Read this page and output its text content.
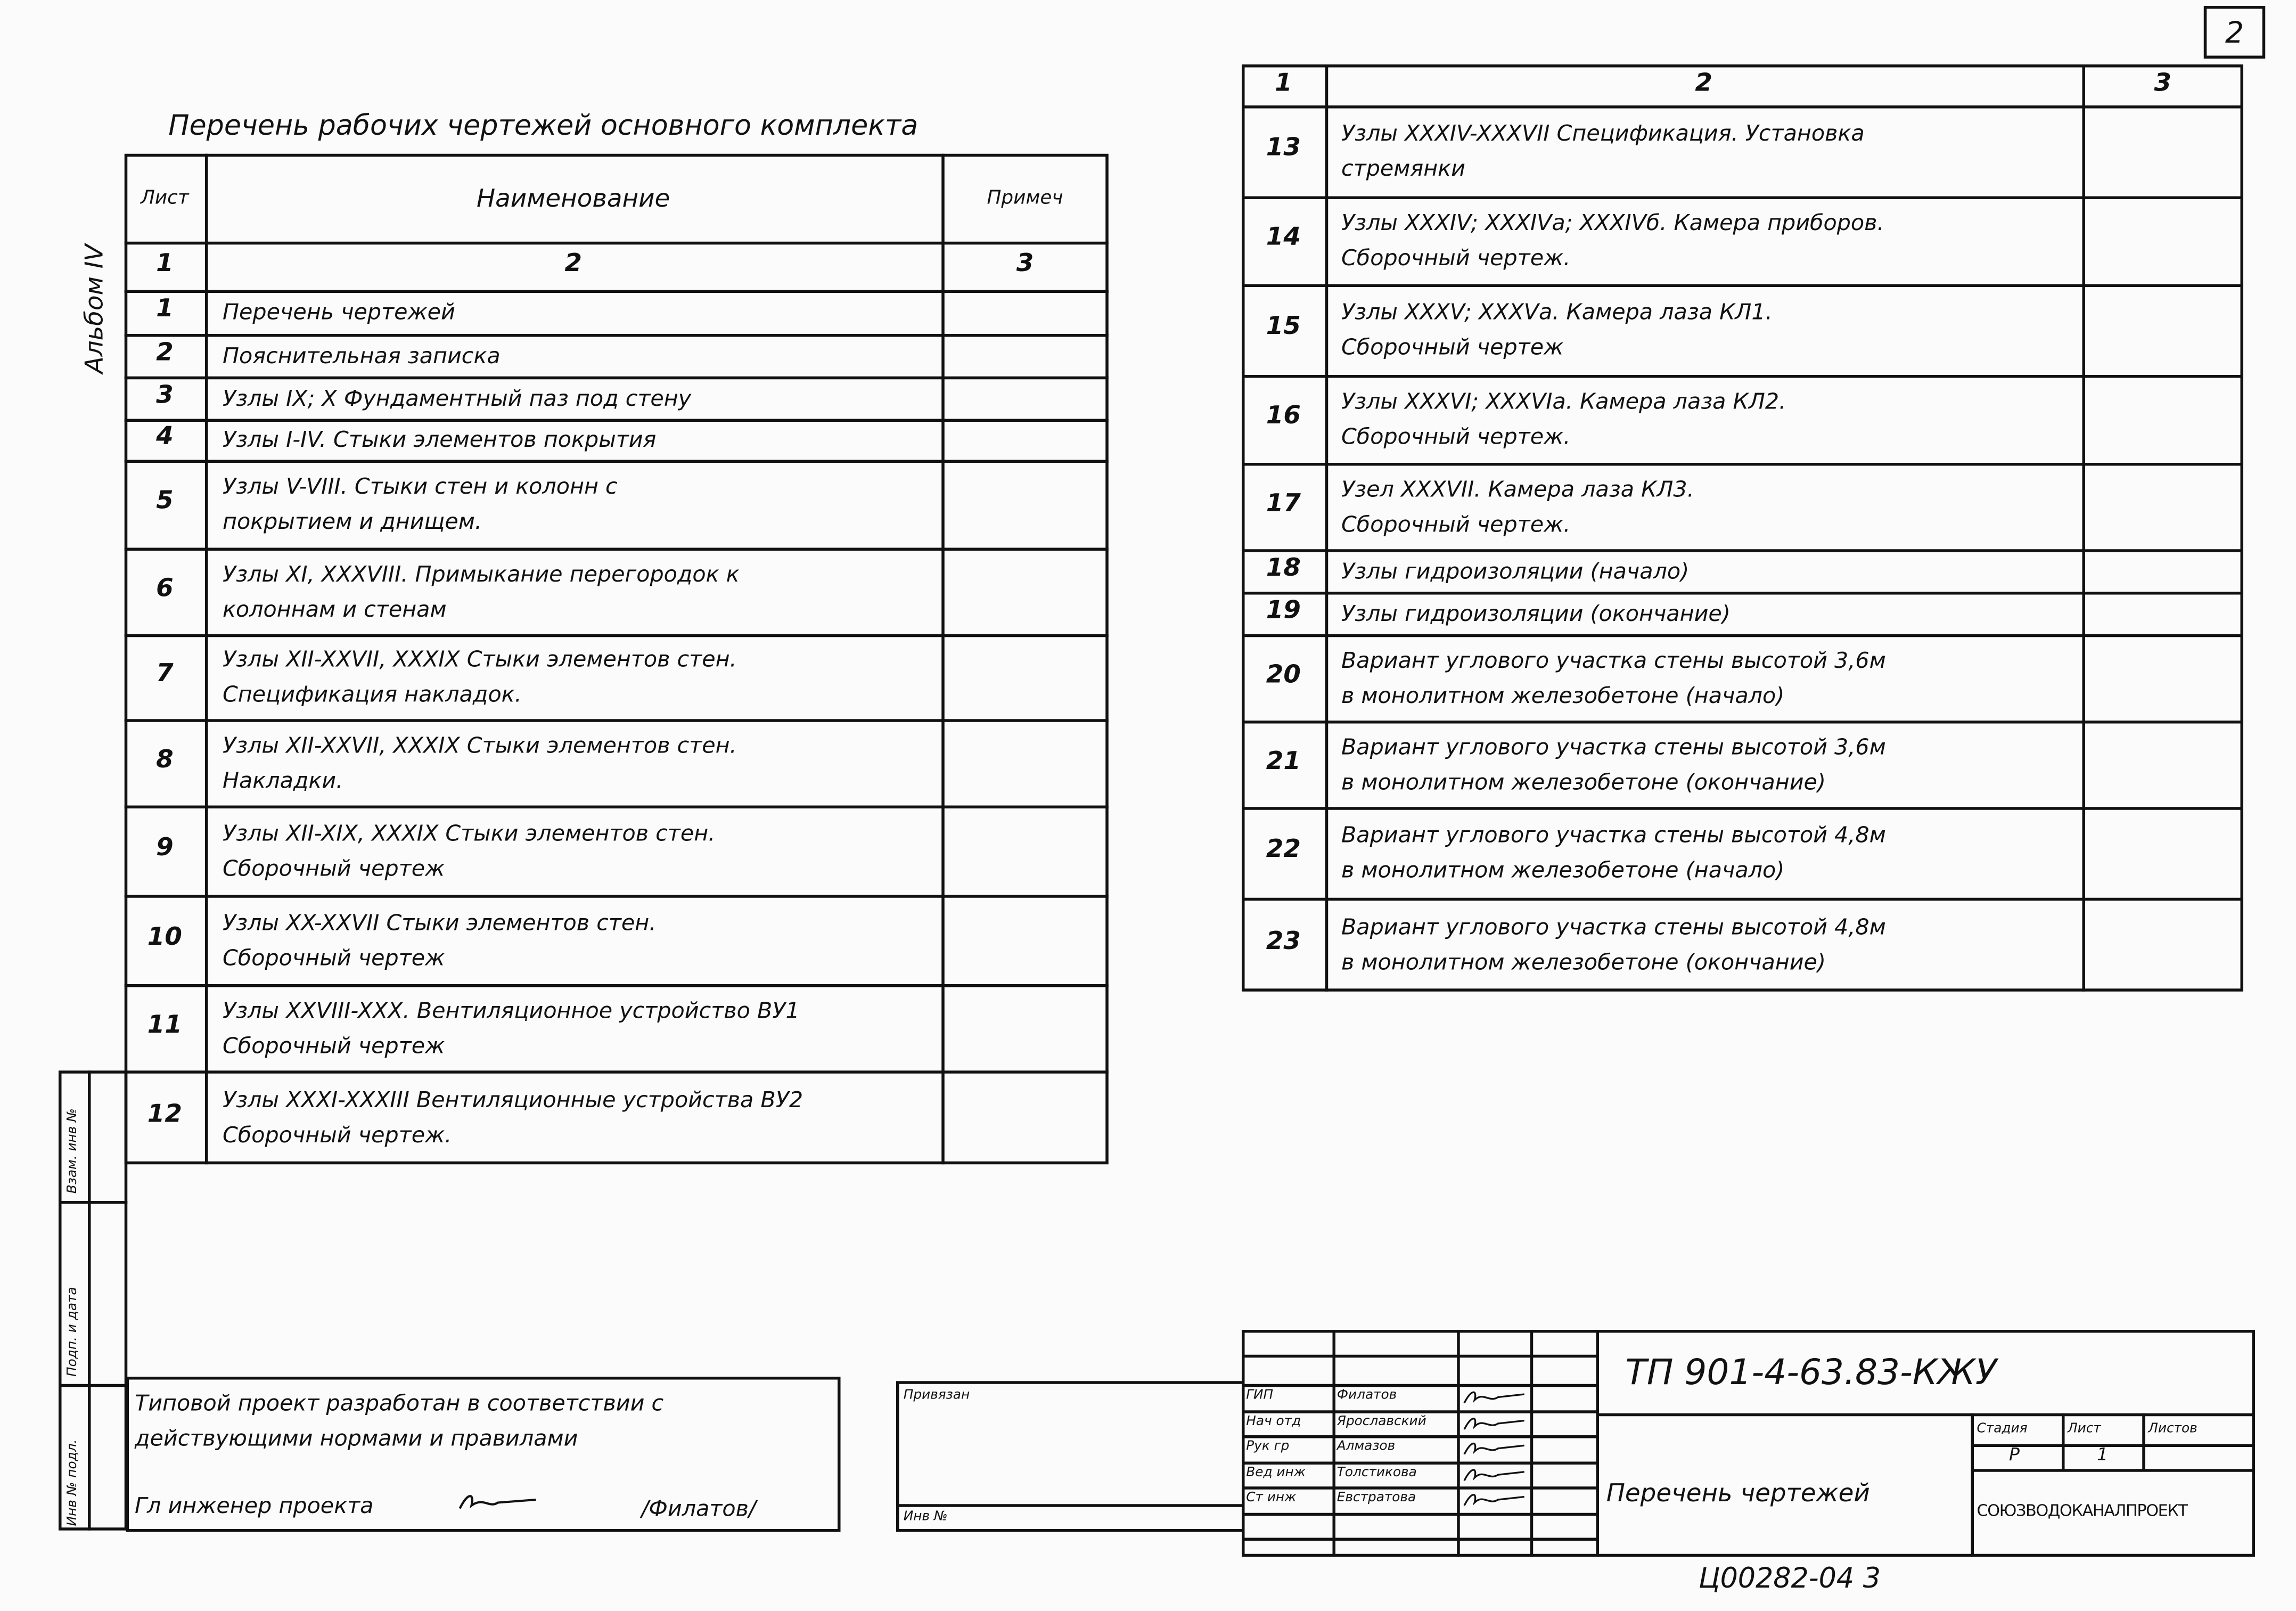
2
Альбом IV
Перечень рабочих чертежей основного комплекта
Инв № подл.
Подп. и дата
Взам. инв №
Типовой проект разработан в соответствии с
действующими нормами и правилами
Гл инженер проекта	/Филатов/
Привязан
Инв №
ТП 901-4-63.83-КЖУ
Перечень чертежей
Стадия	Лист	Листов
Р	1
СОЮЗВОДОКАНАЛПРОЕКТ
Ц00282-04 3
Лист	Наименование	Примеч
1	2	3
1	Перечень чертежей
2	Пояснительная записка
3	Узлы IX; X Фундаментный паз под стену
4	Узлы I-IV. Стыки элементов покрытия
5	Узлы V-VIII. Стыки стен и колонн с
покрытием и днищем.
6	Узлы XI, XXXVIII. Примыкание перегородок к
колоннам и стенам
7	Узлы XII-XXVII, XXXIX Стыки элементов стен.
Спецификация накладок.
8	Узлы XII-XXVII, XXXIX Стыки элементов стен.
Накладки.
9	Узлы XII-XIX, XXXIX Стыки элементов стен.
Сборочный чертеж
10	Узлы XX-XXVII Стыки элементов стен.
Сборочный чертеж
11	Узлы XXVIII-XXX. Вентиляционное устройство ВУ1
Сборочный чертеж
12	Узлы XXXI-XXXIII Вентиляционные устройства ВУ2
Сборочный чертеж.
1	2	3
13	Узлы XXXIV-XXXVII Спецификация. Установка
стремянки
14	Узлы XXXIV; XXXIVа; XXXIVб. Камера приборов.
Сборочный чертеж.
15	Узлы XXXV; XXXVа. Камера лаза КЛ1.
Сборочный чертеж
16	Узлы XXXVI; XXXVIа. Камера лаза КЛ2.
Сборочный чертеж.
17	Узел XXXVII. Камера лаза КЛ3.
Сборочный чертеж.
18	Узлы гидроизоляции (начало)
19	Узлы гидроизоляции (окончание)
20	Вариант углового участка стены высотой 3,6м
в монолитном железобетоне (начало)
21	Вариант углового участка стены высотой 3,6м
в монолитном железобетоне (окончание)
22	Вариант углового участка стены высотой 4,8м
в монолитном железобетоне (начало)
23	Вариант углового участка стены высотой 4,8м
в монолитном железобетоне (окончание)
ГИП	Филатов
Нач отд	Ярославский
Рук гр	Алмазов
Вед инж	Толстикова
Ст инж	Евстратова
